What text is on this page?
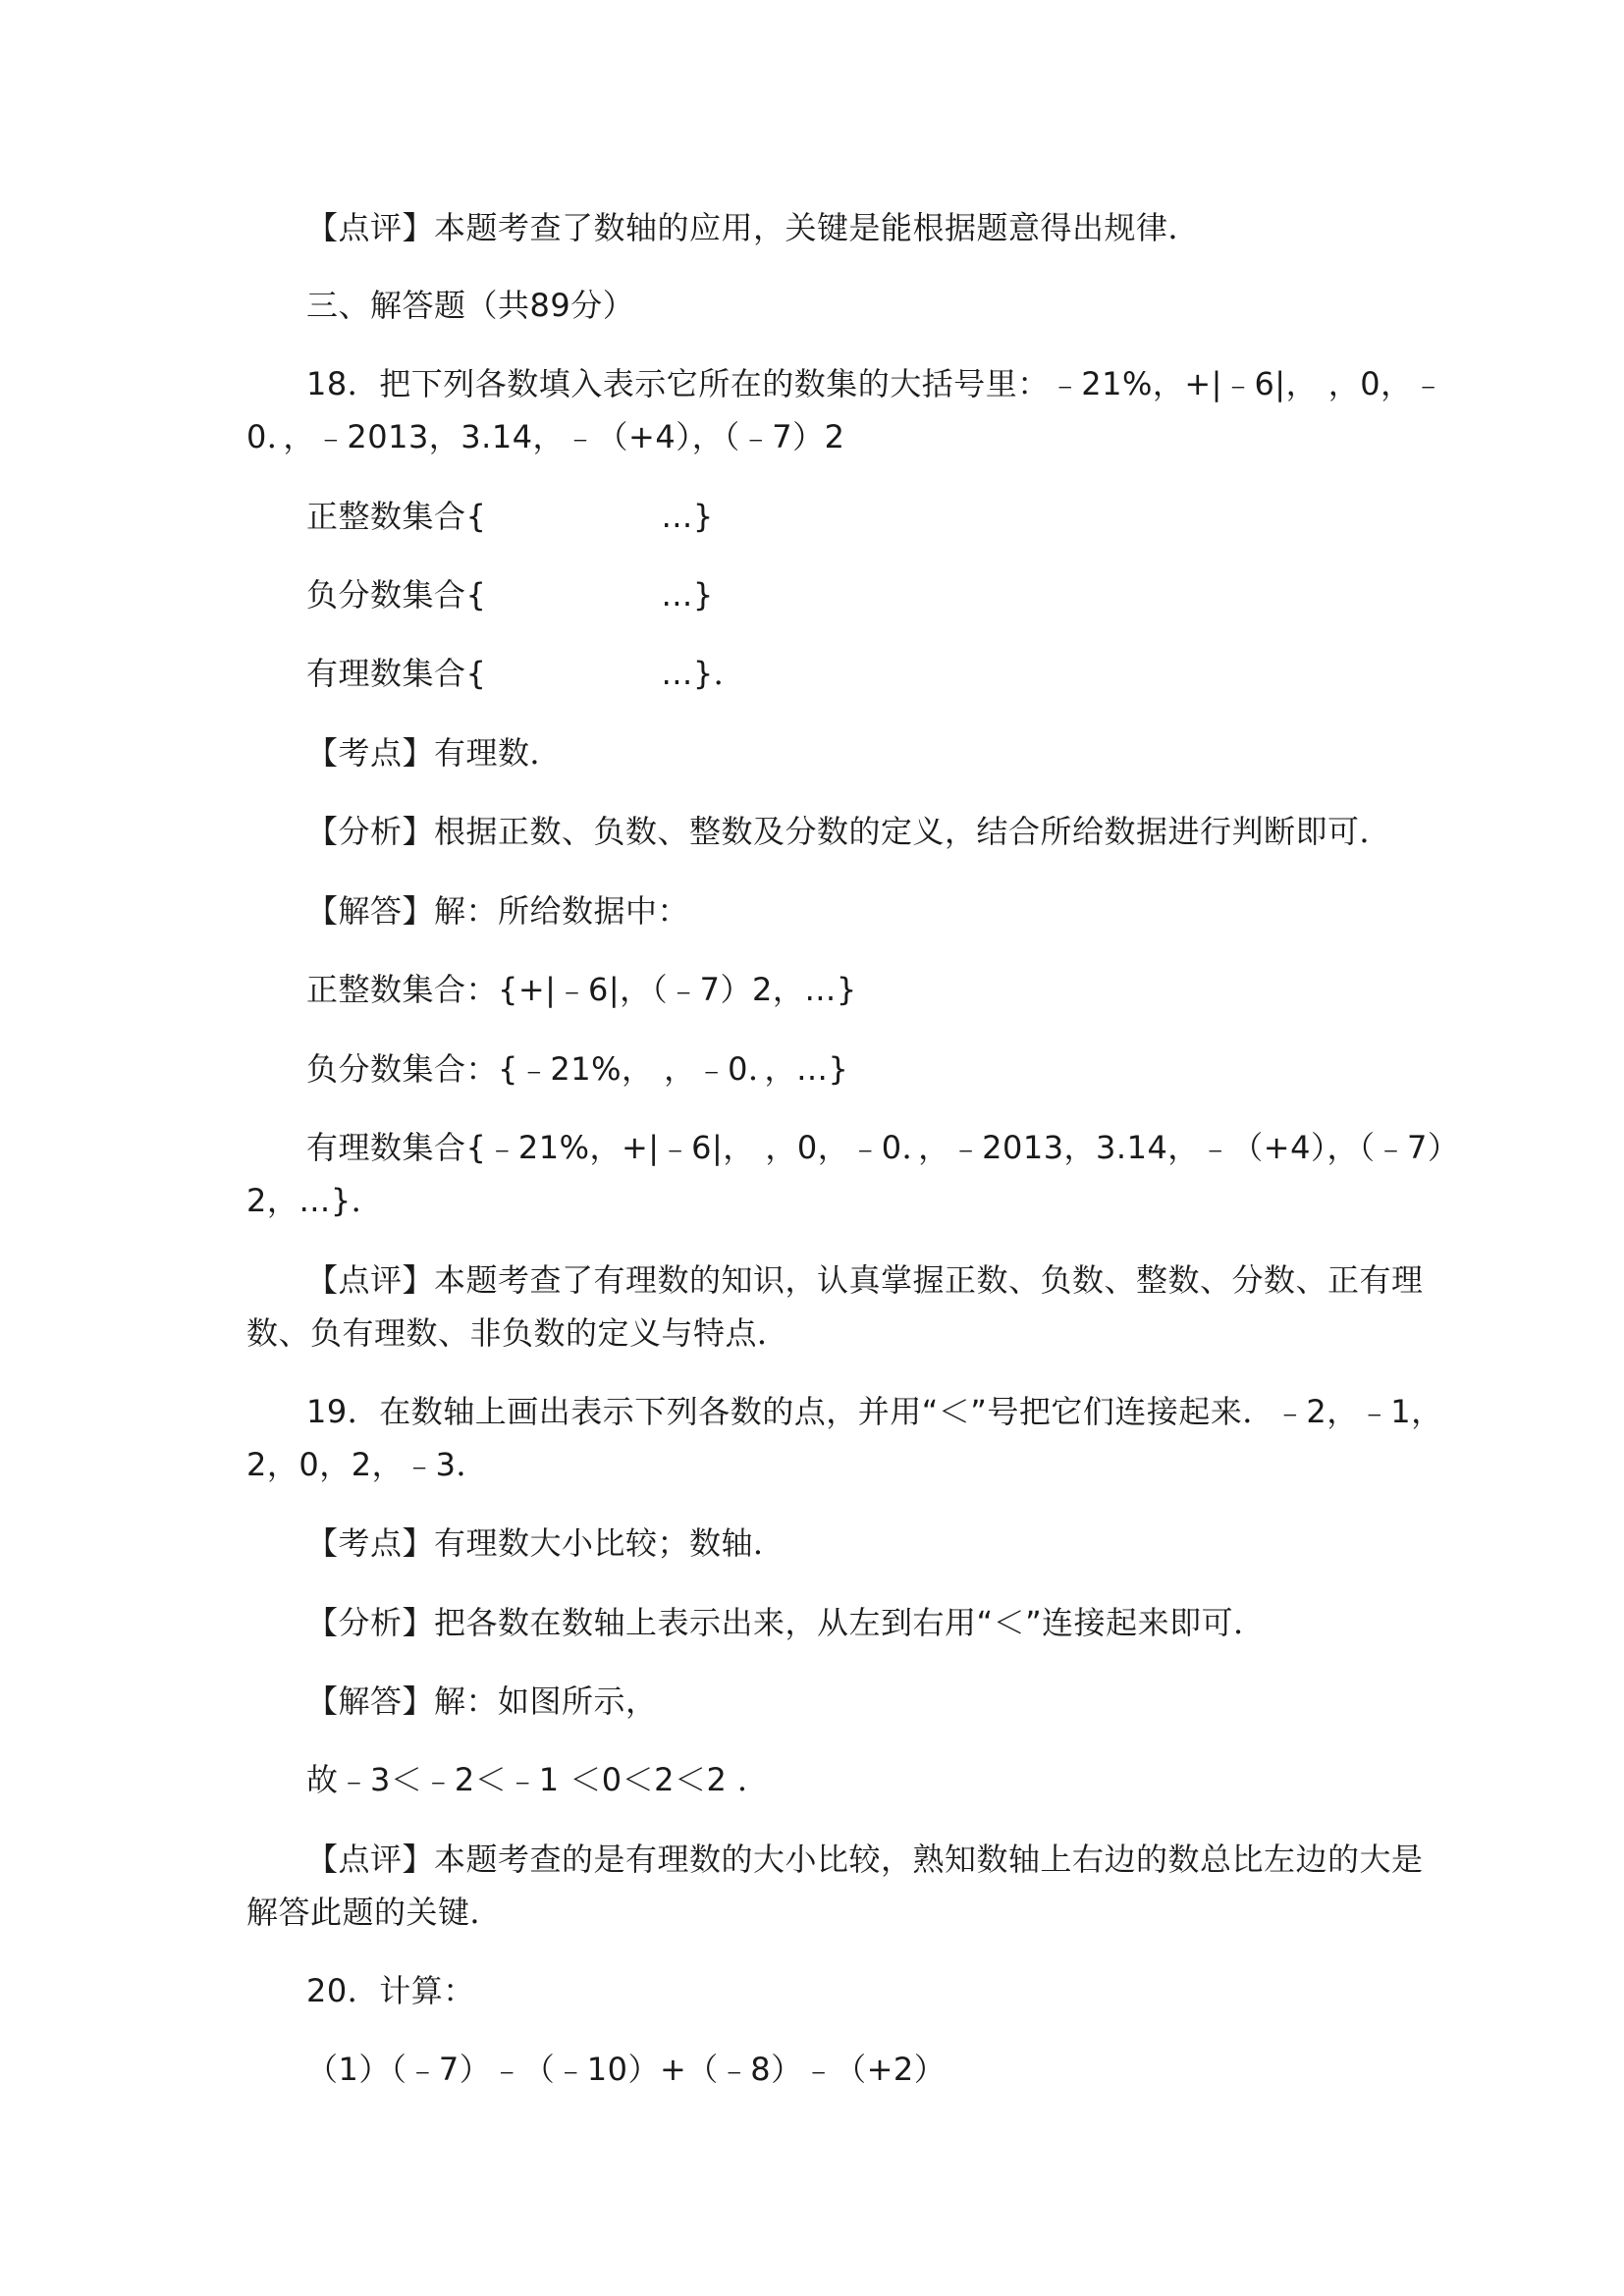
【点评】本题考查了数轴的应用，关键是能根据题意得出规律．
三、解答题（共89分）
18．把下列各数填入表示它所在的数集的大括号里：﹣21%，+|﹣6|， ，0，﹣
0．，﹣2013，3.14，﹣（+4），（﹣7）2
正整数集合{	…}
负分数集合{	…}
有理数集合{	…}．
【考点】有理数．
【分析】根据正数、负数、整数及分数的定义，结合所给数据进行判断即可．
【解答】解：所给数据中：
正整数集合：{+|﹣6|，（﹣7）2，…}
负分数集合：{﹣21%， ，﹣0．，…}
有理数集合{﹣21%，+|﹣6|， ，0，﹣0．，﹣2013，3.14，﹣（+4），（﹣7）
2，…}．
【点评】本题考查了有理数的知识，认真掌握正数、负数、整数、分数、正有理
数、负有理数、非负数的定义与特点．
19．在数轴上画出表示下列各数的点，并用“＜”号把它们连接起来．﹣2，﹣1，
2，0，2，﹣3．
【考点】有理数大小比较；数轴．
【分析】把各数在数轴上表示出来，从左到右用“＜”连接起来即可．
【解答】解：如图所示，
故﹣3＜﹣2＜﹣1 ＜0＜2＜2 ．
【点评】本题考查的是有理数的大小比较，熟知数轴上右边的数总比左边的大是
解答此题的关键．
20．计算：
（1）（﹣7）﹣（﹣10）+（﹣8）﹣（+2）
